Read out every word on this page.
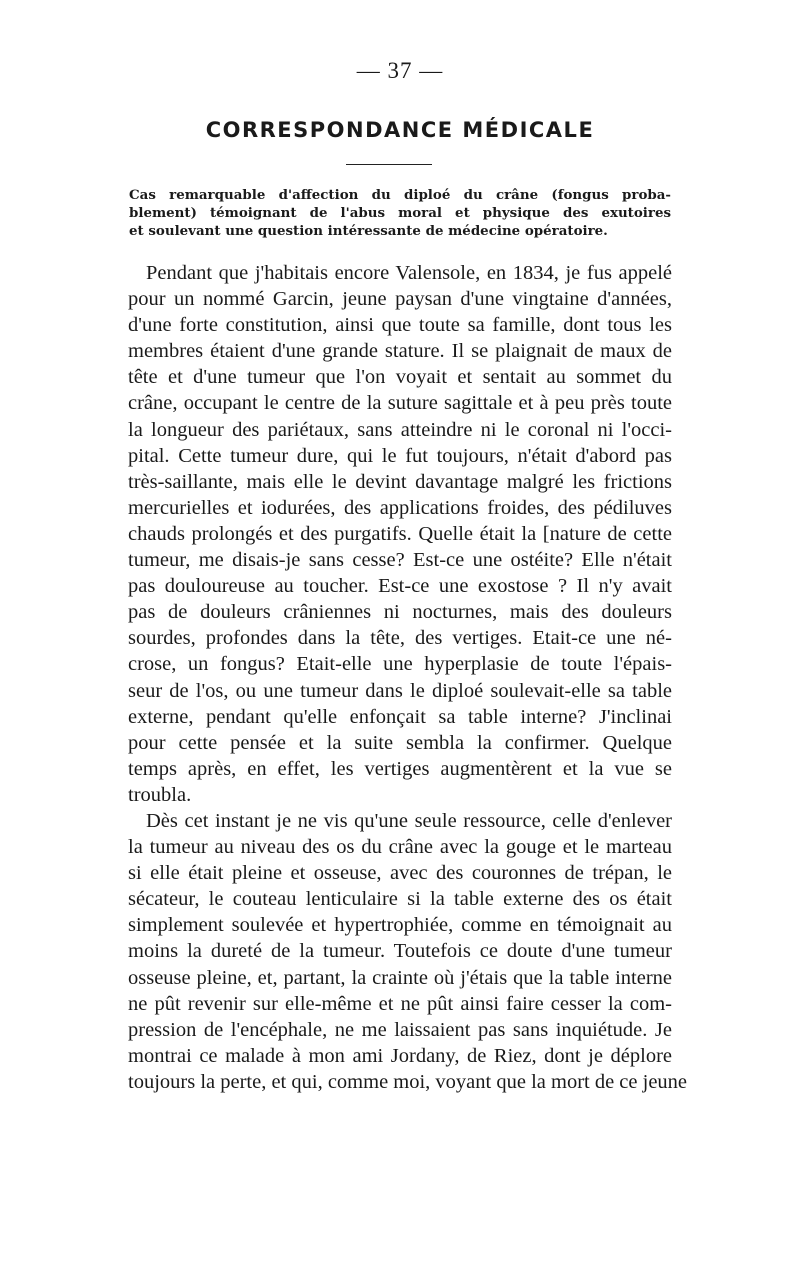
— 37 —
CORRESPONDANCE MÉDICALE
Cas remarquable d'affection du diploé du crâne (fongus proba-
blement) témoignant de l'abus moral et physique des exutoires
et soulevant une question intéressante de médecine opératoire.
Pendant que j'habitais encore Valensole, en 1834, je fus appelé
pour un nommé Garcin, jeune paysan d'une vingtaine d'années,
d'une forte constitution, ainsi que toute sa famille, dont tous les
membres étaient d'une grande stature. Il se plaignait de maux de
tête et d'une tumeur que l'on voyait et sentait au sommet du
crâne, occupant le centre de la suture sagittale et à peu près toute
la longueur des pariétaux, sans atteindre ni le coronal ni l'occi-
pital. Cette tumeur dure, qui le fut toujours, n'était d'abord pas
très-saillante, mais elle le devint davantage malgré les frictions
mercurielles et iodurées, des applications froides, des pédiluves
chauds prolongés et des purgatifs. Quelle était la [nature de cette
tumeur, me disais-je sans cesse? Est-ce une ostéite? Elle n'était
pas douloureuse au toucher. Est-ce une exostose ? Il n'y avait
pas de douleurs crâniennes ni nocturnes, mais des douleurs
sourdes, profondes dans la tête, des vertiges. Etait-ce une né-
crose, un fongus? Etait-elle une hyperplasie de toute l'épais-
seur de l'os, ou une tumeur dans le diploé soulevait-elle sa table
externe, pendant qu'elle enfonçait sa table interne? J'inclinai
pour cette pensée et la suite sembla la confirmer. Quelque
temps après, en effet, les vertiges augmentèrent et la vue se
troubla.
Dès cet instant je ne vis qu'une seule ressource, celle d'enlever
la tumeur au niveau des os du crâne avec la gouge et le marteau
si elle était pleine et osseuse, avec des couronnes de trépan, le
sécateur, le couteau lenticulaire si la table externe des os était
simplement soulevée et hypertrophiée, comme en témoignait au
moins la dureté de la tumeur. Toutefois ce doute d'une tumeur
osseuse pleine, et, partant, la crainte où j'étais que la table interne
ne pût revenir sur elle-même et ne pût ainsi faire cesser la com-
pression de l'encéphale, ne me laissaient pas sans inquiétude. Je
montrai ce malade à mon ami Jordany, de Riez, dont je déplore
toujours la perte, et qui, comme moi, voyant que la mort de ce jeune
